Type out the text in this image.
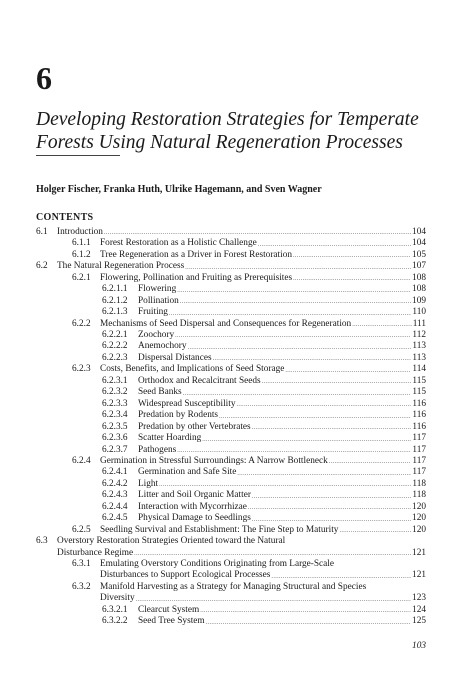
6
Developing Restoration Strategies for Temperate Forests Using Natural Regeneration Processes
Holger Fischer, Franka Huth, Ulrike Hagemann, and Sven Wagner
CONTENTS
6.1	Introduction .....	104
6.1.1	Forest Restoration as a Holistic Challenge .....	104
6.1.2	Tree Regeneration as a Driver in Forest Restoration .....	105
6.2	The Natural Regeneration Process .....	107
6.2.1	Flowering, Pollination and Fruiting as Prerequisites .....	108
6.2.1.1	Flowering .....	108
6.2.1.2	Pollination .....	109
6.2.1.3	Fruiting .....	110
6.2.2	Mechanisms of Seed Dispersal and Consequences for Regeneration .....	111
6.2.2.1	Zoochory .....	112
6.2.2.2	Anemochory .....	113
6.2.2.3	Dispersal Distances .....	113
6.2.3	Costs, Benefits, and Implications of Seed Storage .....	114
6.2.3.1	Orthodox and Recalcitrant Seeds .....	115
6.2.3.2	Seed Banks .....	115
6.2.3.3	Widespread Susceptibility .....	116
6.2.3.4	Predation by Rodents .....	116
6.2.3.5	Predation by other Vertebrates .....	116
6.2.3.6	Scatter Hoarding .....	117
6.2.3.7	Pathogens .....	117
6.2.4	Germination in Stressful Surroundings: A Narrow Bottleneck .....	117
6.2.4.1	Germination and Safe Site .....	117
6.2.4.2	Light .....	118
6.2.4.3	Litter and Soil Organic Matter .....	118
6.2.4.4	Interaction with Mycorrhizae .....	120
6.2.4.5	Physical Damage to Seedlings .....	120
6.2.5	Seedling Survival and Establishment: The Fine Step to Maturity .....	120
6.3	Overstory Restoration Strategies Oriented toward the Natural
Disturbance Regime .....	121
6.3.1	Emulating Overstory Conditions Originating from Large-Scale
Disturbances to Support Ecological Processes .....	121
6.3.2	Manifold Harvesting as a Strategy for Managing Structural and Species
Diversity .....	123
6.3.2.1	Clearcut System .....	124
6.3.2.2	Seed Tree System .....	125
103
